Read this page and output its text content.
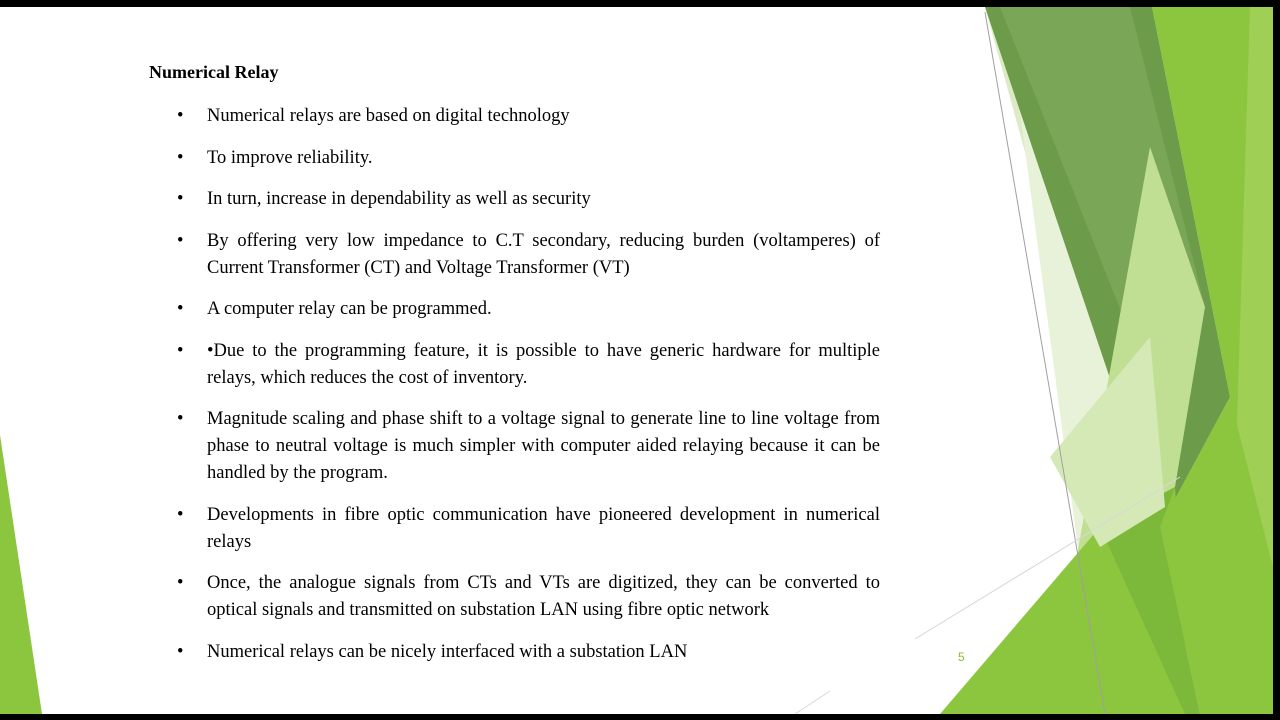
Numerical Relay
• Numerical relays are based on digital technology
• To improve reliability.
• In turn, increase in dependability as well as security
• By offering very low impedance to C.T secondary, reducing burden (voltamperes) of Current Transformer (CT) and Voltage Transformer (VT)
• A computer relay can be programmed.
• •Due to the programming feature, it is possible to have generic hardware for multiple relays, which reduces the cost of inventory.
• Magnitude scaling and phase shift to a voltage signal to generate line to line voltage from phase to neutral voltage is much simpler with computer aided relaying because it can be handled by the program.
• Developments in fibre optic communication have pioneered development in numerical relays
• Once, the analogue signals from CTs and VTs are digitized, they can be converted to optical signals and transmitted on substation LAN using fibre optic network
• Numerical relays can be nicely interfaced with a substation LAN	5
